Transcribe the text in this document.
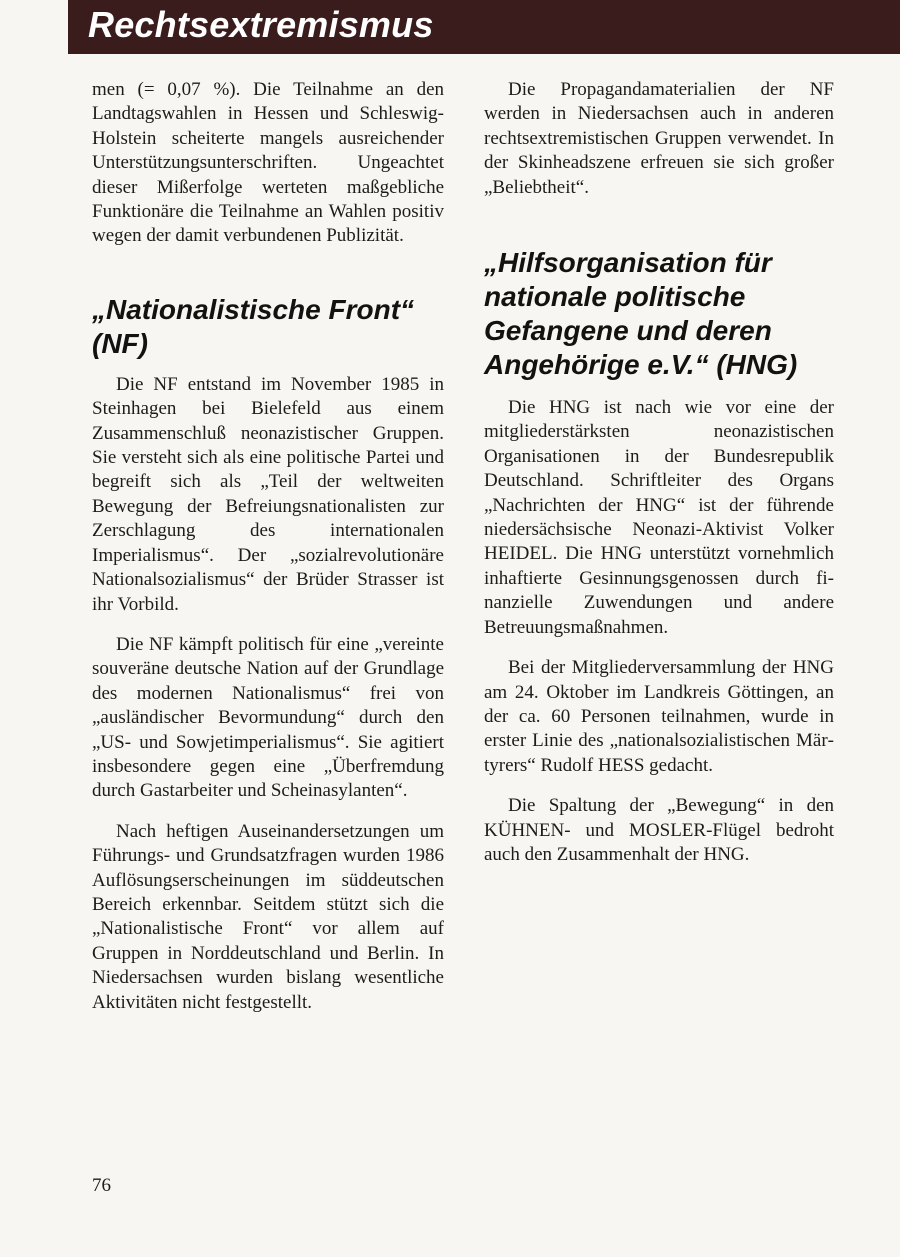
Rechtsextremismus

men (= 0,07 %). Die Teilnahme an den Landtagswahlen in Hessen und Schleswig-Holstein scheiterte mangels ausreichender Unterstützungsunterschriften. Ungeachtet dieser Mißerfolge werteten maßgebliche Funktionäre die Teilnahme an Wahlen positiv wegen der damit verbundenen Publizität.

„Nationalistische Front“ (NF)

Die NF entstand im November 1985 in Steinhagen bei Bielefeld aus einem Zusammenschluß neonazistischer Gruppen. Sie versteht sich als eine politische Partei und begreift sich als „Teil der weltweiten Bewegung der Befreiungsnationalisten zur Zerschlagung des internationalen Imperialismus“. Der „sozialrevolutionäre Nationalsozialismus“ der Brüder Strasser ist ihr Vorbild.

Die NF kämpft politisch für eine „vereinte souveräne deutsche Nation auf der Grundlage des modernen Nationalismus“ frei von „ausländischer Bevormundung“ durch den „US- und Sowjetimperialismus“. Sie agitiert insbesondere gegen eine „Überfremdung durch Gastarbeiter und Scheinasylanten“.

Nach heftigen Auseinandersetzungen um Führungs- und Grundsatzfragen wurden 1986 Auflösungserscheinungen im süddeutschen Bereich erkennbar. Seitdem stützt sich die „Nationalistische Front“ vor allem auf Gruppen in Norddeutschland und Berlin. In Niedersachsen wurden bislang wesentliche Aktivitäten nicht festgestellt.

Die Propagandamaterialien der NF werden in Niedersachsen auch in anderen rechtsextremistischen Gruppen verwendet. In der Skinheadszene erfreuen sie sich großer „Beliebtheit“.

„Hilfsorganisation für nationale politische Gefangene und deren Angehörige e.V.“ (HNG)

Die HNG ist nach wie vor eine der mitgliederstärksten neonazistischen Organisationen in der Bundesrepublik Deutschland. Schriftleiter des Organs „Nachrichten der HNG“ ist der führende niedersächsische Neonazi-Aktivist Volker HEIDEL. Die HNG unterstützt vornehmlich inhaftierte Gesinnungsgenossen durch finanzielle Zuwendungen und andere Betreuungsmaßnahmen.

Bei der Mitgliederversammlung der HNG am 24. Oktober im Landkreis Göttingen, an der ca. 60 Personen teilnahmen, wurde in erster Linie des „nationalsozialistischen Märtyrers“ Rudolf HESS gedacht.

Die Spaltung der „Bewegung“ in den KÜHNEN- und MOSLER-Flügel bedroht auch den Zusammenhalt der HNG.

76
